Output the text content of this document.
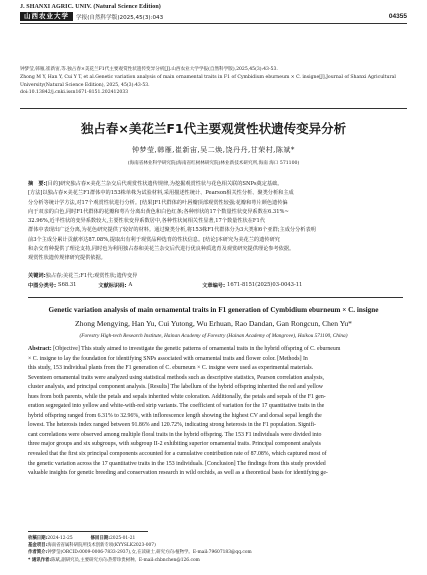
J. SHANXI AGRIC. UNIV. (Natural Science Edition)
山西农业大学	学报(自然科学版)2025,45(3):043	04355

钟梦莹,韩雁,崔新宙,等.独占春×美花兰F1代主要观赏性状遗传变异分析[J].山西农业大学学报(自然科学版),2025,45(3):43-53.

Zhong M Y, Han Y, Cui Y T, et al.Genetic variation analysis of main ornamental traits in F1 of Cymbidium eburneum × C. insigne[J].Journal of Shanxi Agricultural University(Natural Science Edition), 2025, 45(3):43-53.

doi:10.13842/j.cnki.issn1671-8151.202412033

独占春×美花兰F1代主要观赏性状遗传变异分析
钟梦莹,韩雁,崔新宙,吴二焕,饶丹丹,甘荣村,陈斌*
(海南省林业科学研究院(海南省红树林研究院)林业新技术研究所,海南 海口 571100)

摘　要:[目的]研究独占春×美花兰杂交后代观赏性状遗传规律,为挖掘观赏性状与花色相关联的SNPs奠定基础。

[方法]以独占春×美花兰F1群体中的153株单株为试验材料,采用描述性统计、Pearson相关性分析、聚类分析和主成

分分析等统计学方法,对17个观赏性状进行分析。[结果]F1代群体的叶唇瓣顶部观赏性较强;花瓣和萼片颜色遗传偏

向于双亲的白色,同时F1代群体的花瓣和萼片分离出黄色和白色红条;各种形状的17个数量性状变异系数在6.31%~

32.96%,近半性状的变异系数较大,主要性状变异系数居中,各种性状间相关性显著,17个数量性状在F1代

群体中表现出广泛分离,为花色研究提供了较好的材料。通过聚类分析,将153株F1代群体分为3大类和6个亚群;主成分分析表明

前3个主成分累计贡献率达87.08%,提取出有利于观赏品种选育的性状信息。[结论]本研究为美花兰的遗传研究

和杂交育种提供了理论支持,同时也为利用独占春和美花兰杂交后代进行优良种质选育及观赏研究提供理论参考依据。

观赏性状遗传规律研究提供依据。

关键词:独占春;美花兰;F1代;观赏性状;遗传变异
中图分类号: S68.31	文献标识码: A	文章编号: 1671-8151(2025)03-0043-11
Genetic variation analysis of main ornamental traits in F1 generation of Cymbidium eburneum × C. insigne
Zhong Mengying, Han Yu, Cui Yutong, Wu Erhuan, Rao Dandan, Gan Rongcun, Chen Yu*
(Forestry High-tech Research Institute, Hainan Academy of Forestry (Hainan Academy of Mangrove), Haikou 571100, China)

Abstract: [Objective] This study aimed to investigate the genetic patterns of ornamental traits in the hybrid offspring of C. eburneum

× C. insigne to lay the foundation for identifying SNPs associated with ornamental traits and flower color. [Methods] In

this study, 153 individual plants from the F1 generation of C. eburneum × C. insigne were used as experimental materials.

Seventeen ornamental traits were analyzed using statistical methods such as descriptive statistics, Pearson correlation analysis,

cluster analysis, and principal component analysis. [Results] The labellum of the hybrid offspring inherited the red and yellow

hues from both parents, while the petals and sepals inherited white coloration. Additionally, the petals and sepals of the F1 gen-

eration segregated into yellow and white-with-red strip variants. The coefficient of variation for the 17 quantitative traits in the

hybrid offspring ranged from 6.31% to 32.96%, with inflorescence length showing the highest CV and dorsal sepal length the

lowest. The heterosis index ranged between 91.86% and 120.72%, indicating strong heterosis in the F1 population. Signifi-

cant correlations were observed among multiple floral traits in the hybrid offspring. The 153 F1 individuals were divided into

three major groups and six subgroups, with subgroup II-2 exhibiting superior ornamental traits. Principal component analysis

revealed that the first six principal components accounted for a cumulative contribution rate of 87.08%, which captured most of

the genetic variation across the 17 quantitative traits in the 153 individuals. [Conclusion] The findings from this study provided

valuable insights for genetic breeding and conservation research in wild orchids, as well as a theoretical basis for identifying ge-

收稿日期:2024-12-25	修回日期:2025-01-21

基金项目:海南省省属科研院所技术创新专项(KYYSLK2023-007)

作者简介:钟梦莹(ORCID:0009-0006-7833-2937),女,在读硕士,研究方向:植物学。E-mail:79607183@qq.com

* 通讯作者:陈斌,副研究员,主要研究方向:热带珍贵树种。E-mail:chbnchen@126.com
